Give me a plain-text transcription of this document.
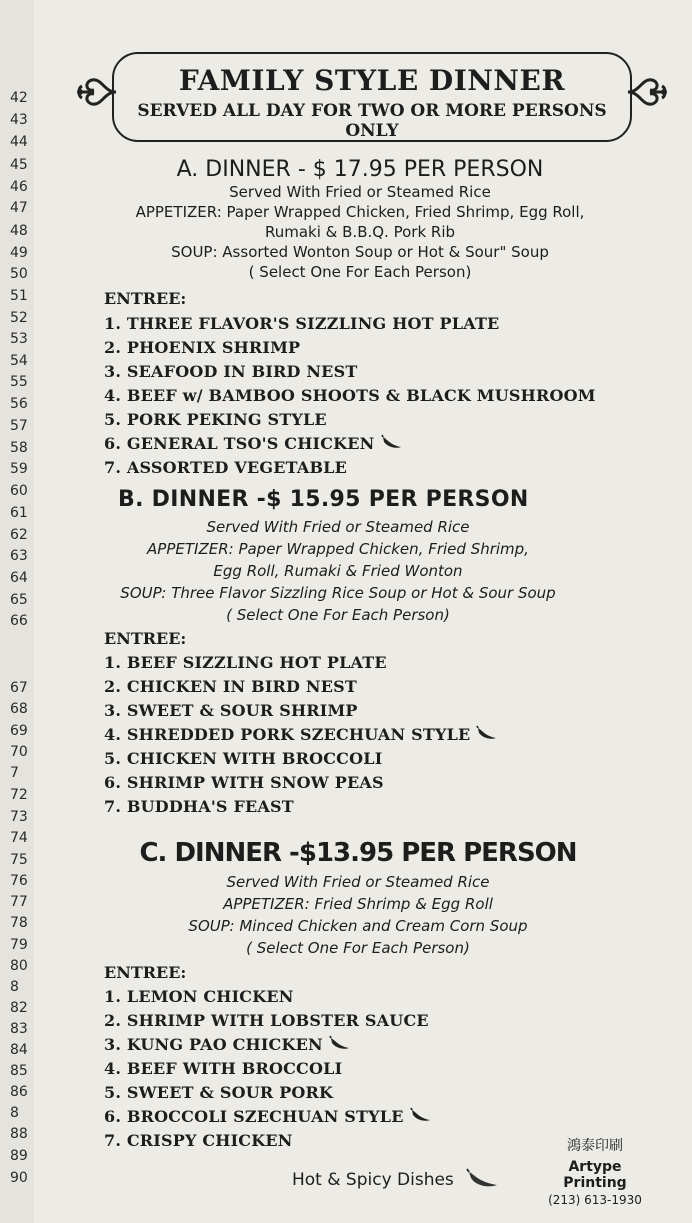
42
43
44
45
46
47
48
49
50
51
52
53
54
55
56
57
58
59
60
61
62
63
64
65
66
67
68
69
70
7
72
73
74
75
76
77
78
79
80
8
82
83
84
85
86
8
88
89
90
FAMILY STYLE DINNER
SERVED ALL DAY FOR TWO OR MORE PERSONS ONLY
A. DINNER - $ 17.95 PER PERSON
Served With Fried or Steamed Rice
APPETIZER: Paper Wrapped Chicken, Fried Shrimp, Egg Roll,
Rumaki & B.B.Q. Pork Rib
SOUP: Assorted Wonton Soup or Hot & Sour" Soup
( Select One For Each Person)
ENTREE:
1. THREE FLAVOR'S SIZZLING HOT PLATE
2. PHOENIX SHRIMP
3. SEAFOOD IN BIRD NEST
4. BEEF w/ BAMBOO SHOOTS & BLACK MUSHROOM
5. PORK PEKING STYLE
6. GENERAL TSO'S CHICKEN
7. ASSORTED VEGETABLE
B. DINNER -$ 15.95 PER PERSON
Served With Fried or Steamed Rice
APPETIZER: Paper Wrapped Chicken, Fried Shrimp,
Egg Roll, Rumaki & Fried Wonton
SOUP: Three Flavor Sizzling Rice Soup or Hot & Sour Soup
( Select One For Each Person)
ENTREE:
1. BEEF SIZZLING HOT PLATE
2. CHICKEN IN BIRD NEST
3. SWEET & SOUR SHRIMP
4. SHREDDED PORK SZECHUAN STYLE
5. CHICKEN WITH BROCCOLI
6. SHRIMP WITH SNOW PEAS
7. BUDDHA'S FEAST
C. DINNER -$13.95 PER PERSON
Served With Fried or Steamed Rice
APPETIZER: Fried Shrimp & Egg Roll
SOUP: Minced Chicken and Cream Corn Soup
( Select One For Each Person)
ENTREE:
1. LEMON CHICKEN
2. SHRIMP WITH LOBSTER SAUCE
3. KUNG PAO CHICKEN
4. BEEF WITH BROCCOLI
5. SWEET & SOUR PORK
6. BROCCOLI SZECHUAN STYLE
7. CRISPY CHICKEN
Hot & Spicy Dishes
鴻泰印刷
Artype Printing
(213) 613-1930
